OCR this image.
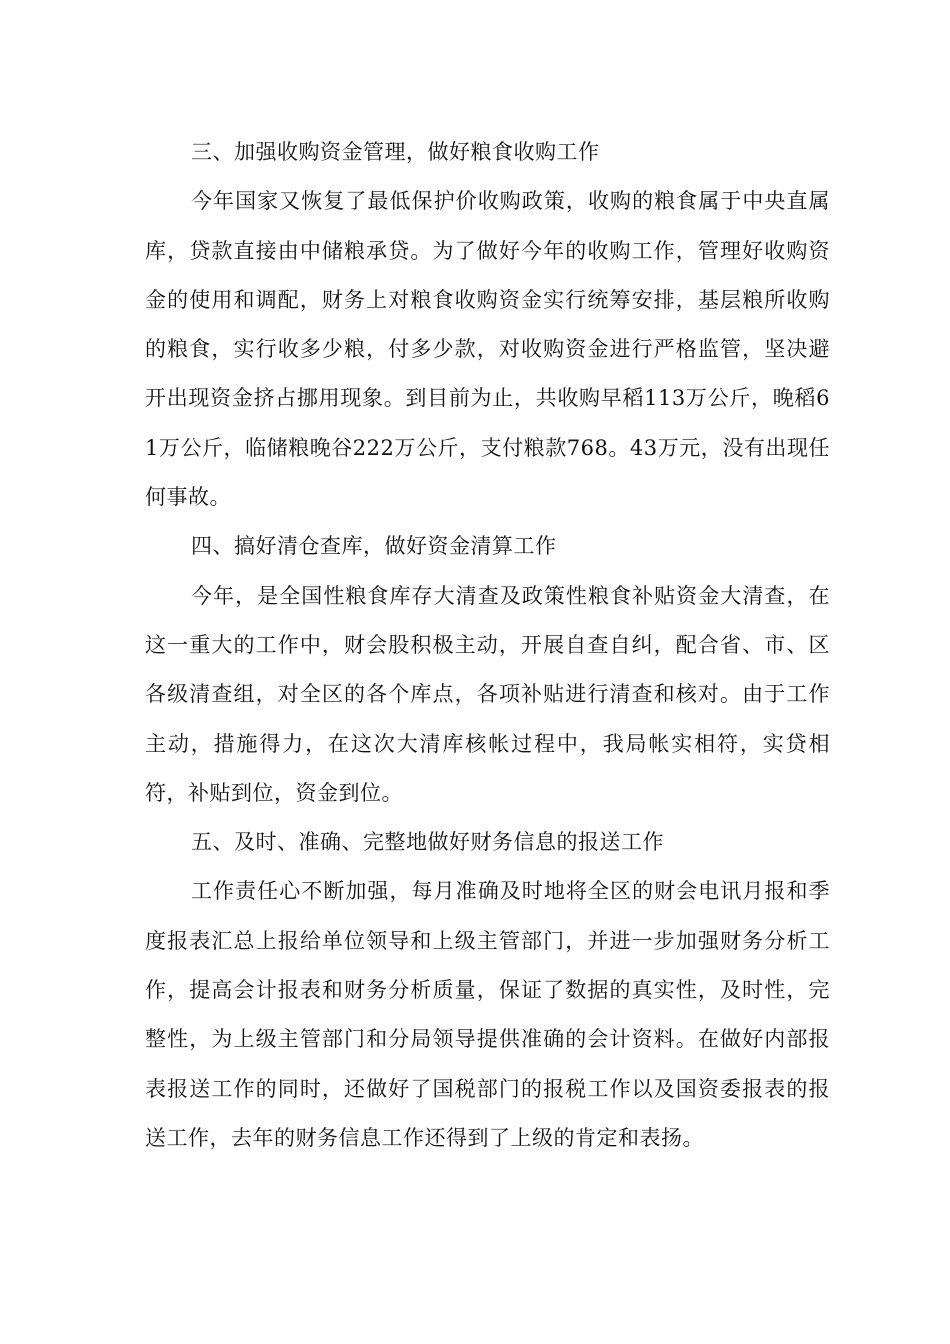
三、加强收购资金管理，做好粮食收购工作

今年国家又恢复了最低保护价收购政策，收购的粮食属于中央直属库，贷款直接由中储粮承贷。为了做好今年的收购工作，管理好收购资金的使用和调配，财务上对粮食收购资金实行统筹安排，基层粮所收购的粮食，实行收多少粮，付多少款，对收购资金进行严格监管，坚决避开出现资金挤占挪用现象。到目前为止，共收购早稻113万公斤，晚稻61万公斤，临储粮晚谷222万公斤，支付粮款768。43万元，没有出现任何事故。

四、搞好清仓查库，做好资金清算工作

今年，是全国性粮食库存大清查及政策性粮食补贴资金大清查，在这一重大的工作中，财会股积极主动，开展自查自纠，配合省、市、区各级清查组，对全区的各个库点，各项补贴进行清查和核对。由于工作主动，措施得力，在这次大清库核帐过程中，我局帐实相符，实贷相符，补贴到位，资金到位。

五、及时、准确、完整地做好财务信息的报送工作

工作责任心不断加强，每月准确及时地将全区的财会电讯月报和季度报表汇总上报给单位领导和上级主管部门，并进一步加强财务分析工作，提高会计报表和财务分析质量，保证了数据的真实性，及时性，完整性，为上级主管部门和分局领导提供准确的会计资料。在做好内部报表报送工作的同时，还做好了国税部门的报税工作以及国资委报表的报送工作，去年的财务信息工作还得到了上级的肯定和表扬。
